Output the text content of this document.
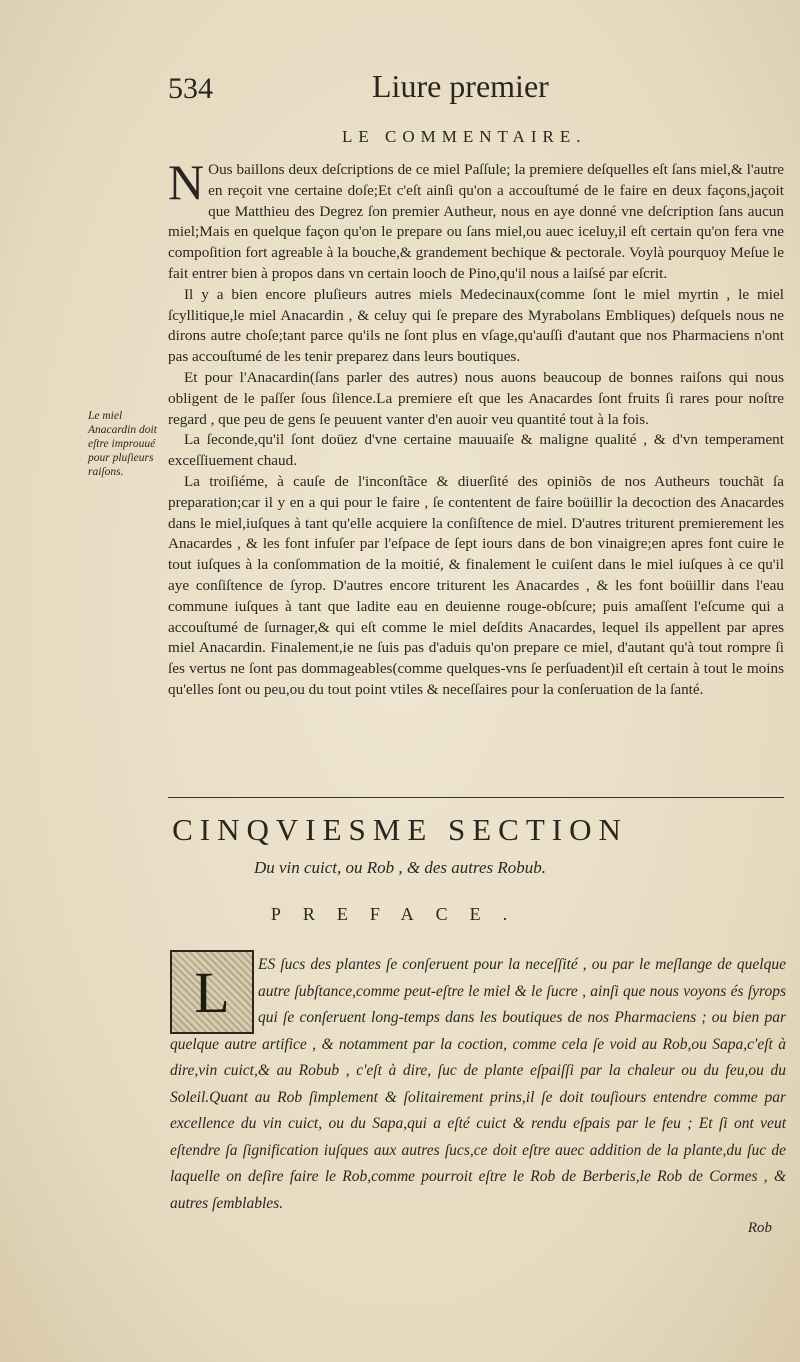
534	Liure premier
LE COMMENTAIRE.

N Ous baillons deux deſcriptions de ce miel Paſſule; la premiere deſquelles eſt ſans miel,& l'autre en reçoit vne certaine doſe;Et c'eſt ainſi qu'on a accouſtumé de le faire en deux façons,jaçoit que Matthieu des Degrez ſon premier Autheur, nous en aye donné vne deſcription ſans aucun miel;Mais en quelque façon qu'on le prepare ou ſans miel,ou auec iceluy,il eſt certain qu'on fera vne compoſition fort agreable à la bouche,& grandement bechique & pectorale. Voylà pourquoy Meſue le fait entrer bien à propos dans vn certain looch de Pino,qu'il nous a laiſsé par eſcrit.

Il y a bien encore pluſieurs autres miels Medecinaux(comme ſont le miel myrtin , le miel ſcyllitique,le miel Anacardin , & celuy qui ſe prepare des Myrabolans Embliques) deſquels nous ne dirons autre choſe;tant parce qu'ils ne ſont plus en vſage,qu'auſſi d'autant que nos Pharmaciens n'ont pas accouſtumé de les tenir preparez dans leurs boutiques.

Et pour l'Anacardin(ſans parler des autres) nous auons beaucoup de bonnes raiſons qui nous obligent de le paſſer ſous ſilence.La premiere eſt que les Anacardes ſont fruits ſi rares pour noſtre regard , que peu de gens ſe peuuent vanter d'en auoir veu quantité tout à la fois.

La ſeconde,qu'il ſont doüez d'vne certaine mauuaiſe & maligne qualité , & d'vn temperament exceſſiuement chaud.

La troiſiéme, à cauſe de l'inconſtãce & diuerſité des opiniõs de nos Autheurs touchãt ſa preparation;car il y en a qui pour le faire , ſe contentent de faire boüillir la decoction des Anacardes dans le miel,iuſques à tant qu'elle acquiere la conſiſtence de miel. D'autres triturent premierement les Anacardes , & les font infuſer par l'eſpace de ſept iours dans de bon vinaigre;en apres font cuire le tout iuſques à la conſommation de la moitié, & finalement le cuiſent dans le miel iuſques à ce qu'il aye conſiſtence de ſyrop. D'autres encore triturent les Anacardes , & les font boüillir dans l'eau commune iuſques à tant que ladite eau en deuienne rouge-obſcure; puis amaſſent l'eſcume qui a accouſtumé de ſurnager,& qui eſt comme le miel deſdits Anacardes, lequel ils appellent par apres miel Anacardin. Finalement,ie ne ſuis pas d'aduis qu'on prepare ce miel, d'autant qu'à tout rompre ſi ſes vertus ne ſont pas dommageables(comme quelques-vns ſe perſuadent)il eſt certain à tout le moins qu'elles ſont ou peu,ou du tout point vtiles & neceſſaires pour la conſeruation de la ſanté.

Le miel Anacardin doit eſtre improuué pour pluſieurs raiſons.
CINQVIESME SECTION
Du vin cuict, ou Rob , & des autres Robub.
PREFACE.
L	ES ſucs des plantes ſe conſeruent pour la neceſſité , ou par le meſlange de quelque autre ſubſtance,comme peut-eſtre le miel & le ſucre , ainſi que nous voyons és ſyrops qui ſe conſeruent long-temps dans les boutiques de nos Pharmaciens ; ou bien par quelque autre artifice , & notamment par la coction, comme cela ſe void au Rob,ou Sapa,c'eſt à dire,vin cuict,& au Robub , c'eſt à dire, ſuc de plante eſpaiſſi par la chaleur ou du feu,ou du Soleil.Quant au Rob ſimplement & ſolitairement prins,il ſe doit touſiours entendre comme par excellence du vin cuict, ou du Sapa,qui a eſté cuict & rendu eſpais par le feu ; Et ſi ont veut eſtendre ſa ſignification iuſques aux autres ſucs,ce doit eſtre auec addition de la plante,du ſuc de laquelle on deſire faire le Rob,comme pourroit eſtre le Rob de Berberis,le Rob de Cormes , & autres ſemblables.
Rob
